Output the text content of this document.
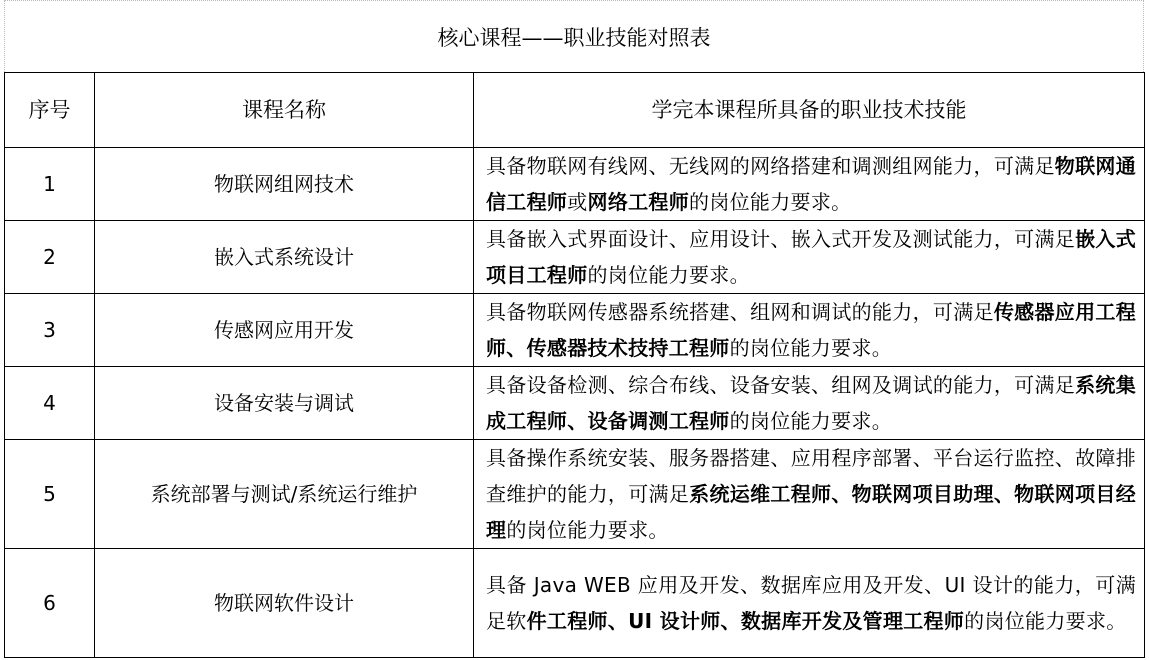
核心课程——职业技能对照表
序号	课程名称	学完本课程所具备的职业技术技能
1	物联网组网技术	具备物联网有线网、无线网的网络搭建和调测组网能力，可满足物联网通信工程师或网络工程师的岗位能力要求。
2	嵌入式系统设计	具备嵌入式界面设计、应用设计、嵌入式开发及测试能力，可满足嵌入式项目工程师的岗位能力要求。
3	传感网应用开发	具备物联网传感器系统搭建、组网和调试的能力，可满足传感器应用工程师、传感器技术技持工程师的岗位能力要求。
4	设备安装与调试	具备设备检测、综合布线、设备安装、组网及调试的能力，可满足系统集成工程师、设备调测工程师的岗位能力要求。
5	系统部署与测试/系统运行维护	具备操作系统安装、服务器搭建、应用程序部署、平台运行监控、故障排查维护的能力，可满足系统运维工程师、物联网项目助理、物联网项目经理的岗位能力要求。
6	物联网软件设计	具备 Java WEB 应用及开发、数据库应用及开发、UI 设计的能力，可满足软件工程师、UI 设计师、数据库开发及管理工程师的岗位能力要求。
